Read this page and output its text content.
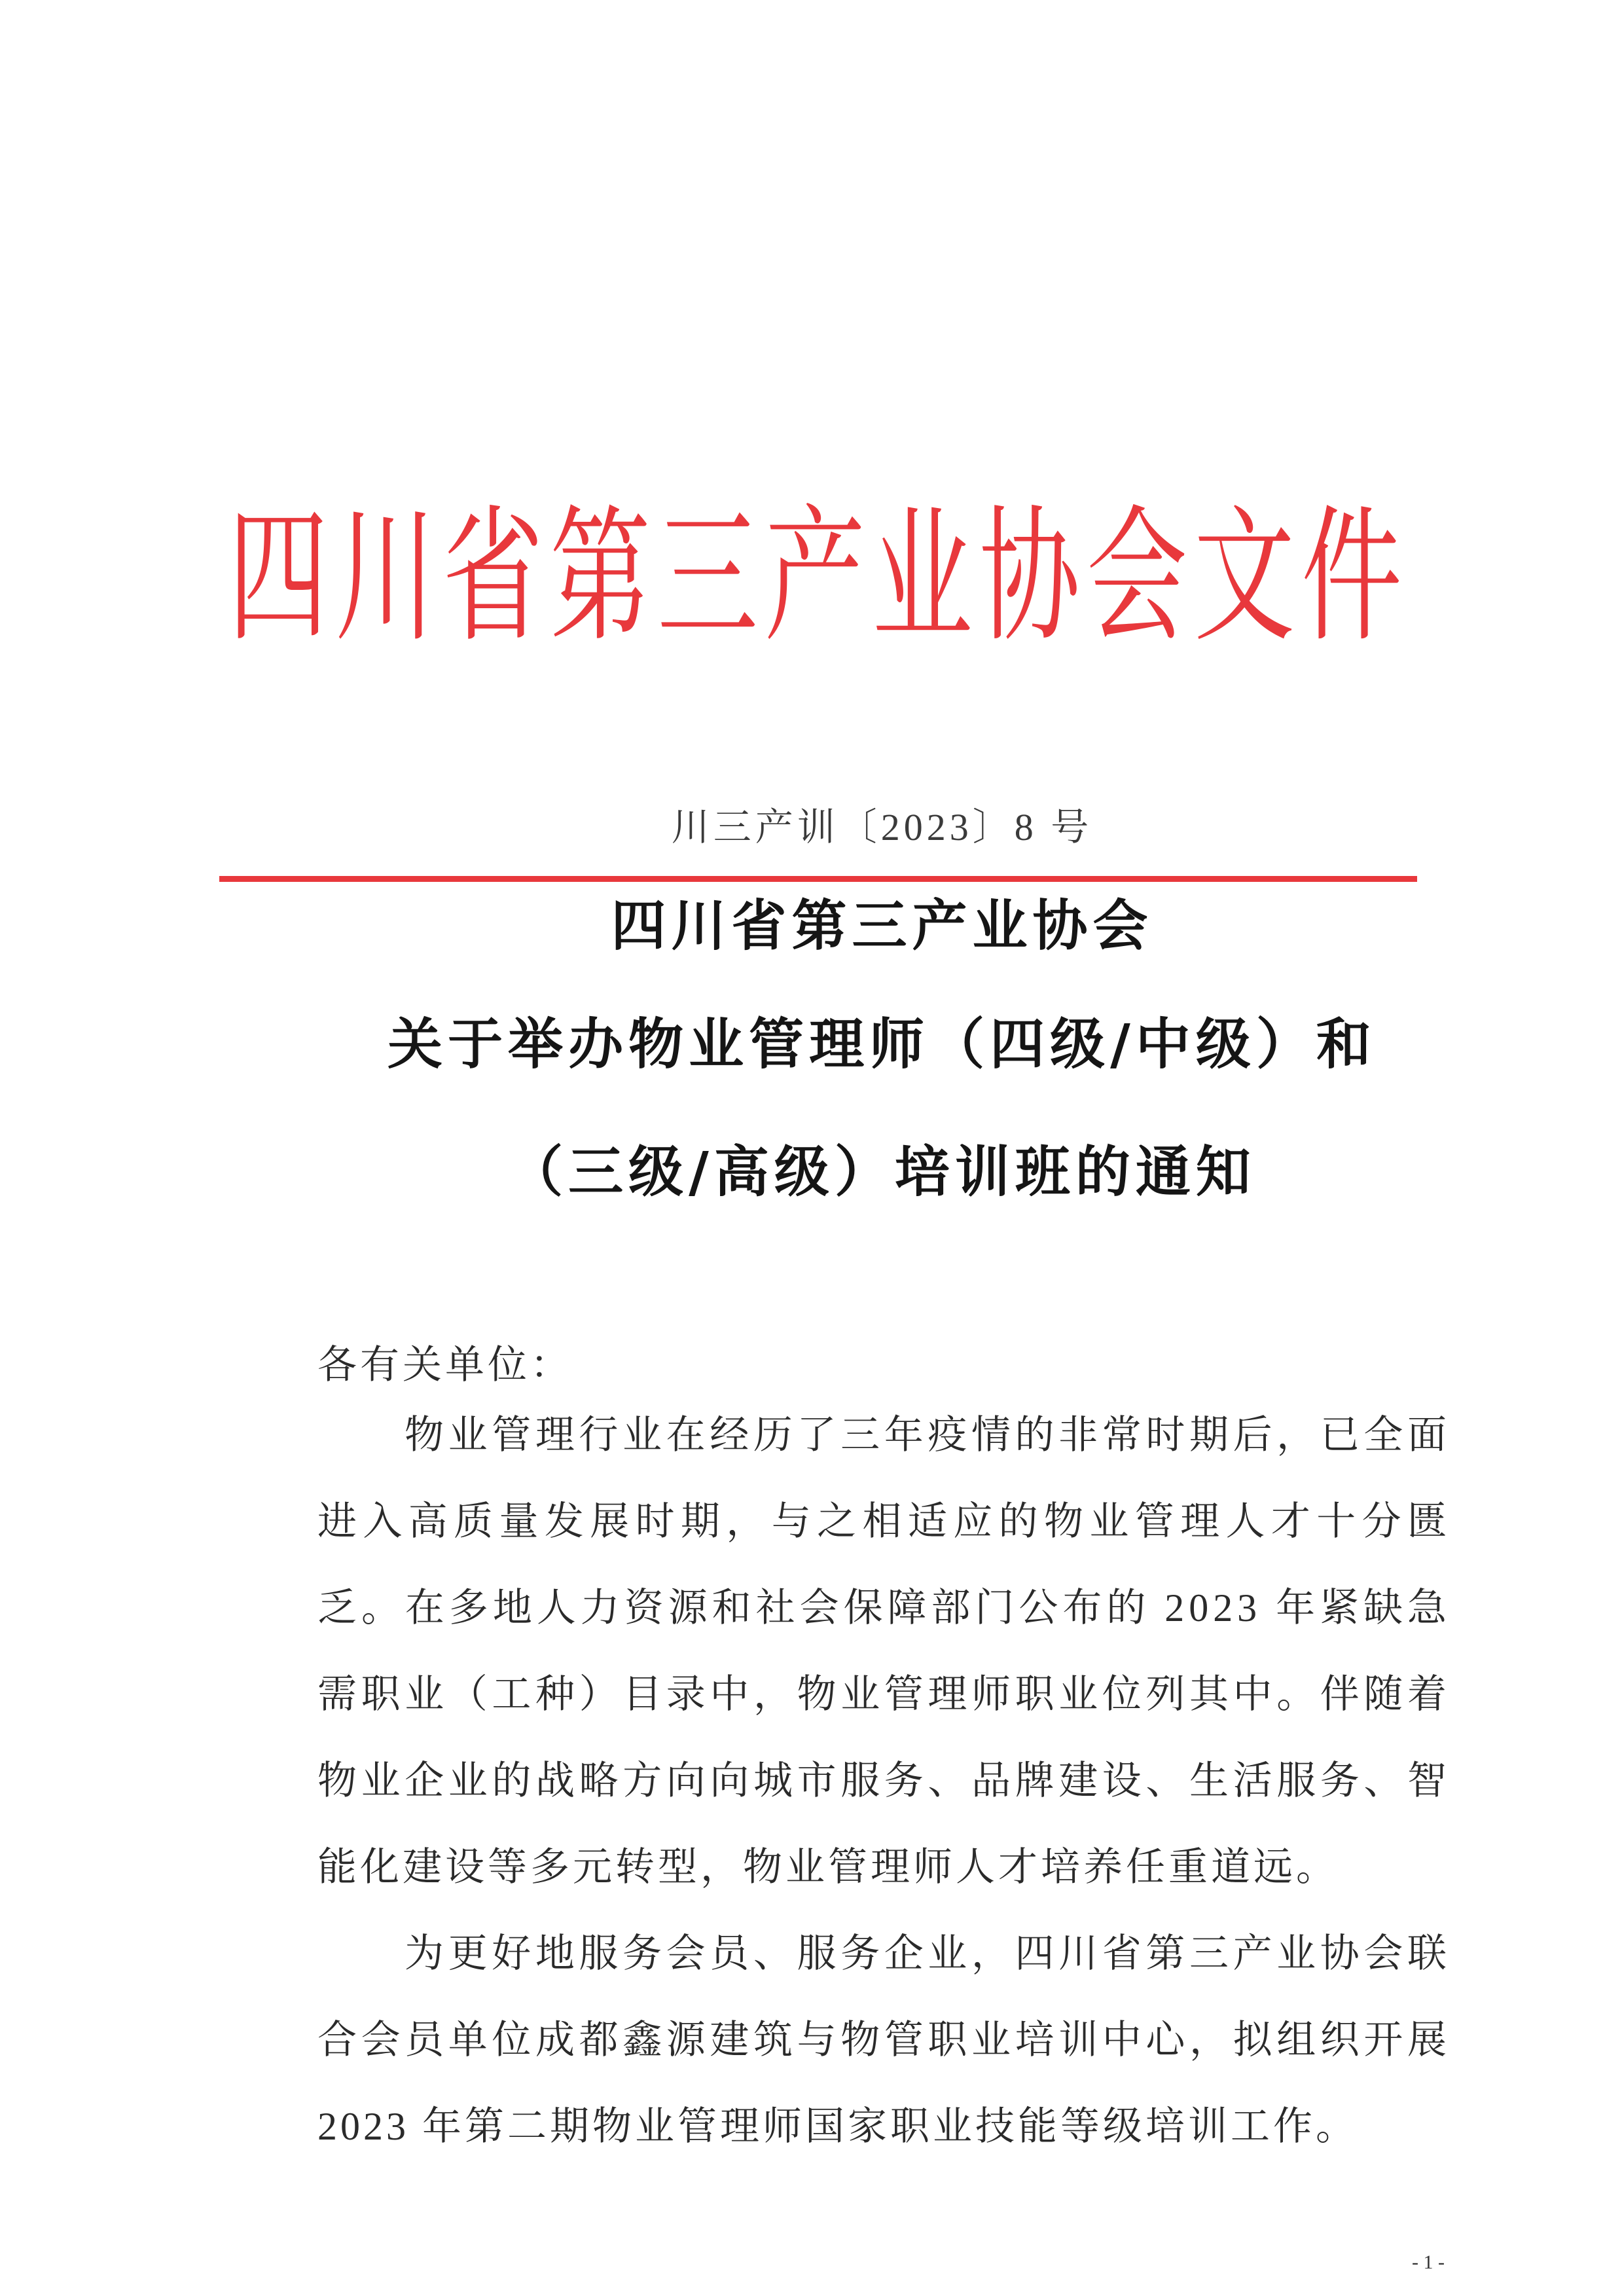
四川省第三产业协会文件
川三产训〔2023〕8 号
四川省第三产业协会
关于举办物业管理师（四级/中级）和
（三级/高级）培训班的通知
各有关单位：
物业管理行业在经历了三年疫情的非常时期后，已全面
进入高质量发展时期，与之相适应的物业管理人才十分匮
乏。在多地人力资源和社会保障部门公布的 2023 年紧缺急
需职业（工种）目录中，物业管理师职业位列其中。伴随着
物业企业的战略方向向城市服务、品牌建设、生活服务、智
能化建设等多元转型，物业管理师人才培养任重道远。
为更好地服务会员、服务企业，四川省第三产业协会联
合会员单位成都鑫源建筑与物管职业培训中心，拟组织开展
2023 年第二期物业管理师国家职业技能等级培训工作。
- 1 -
